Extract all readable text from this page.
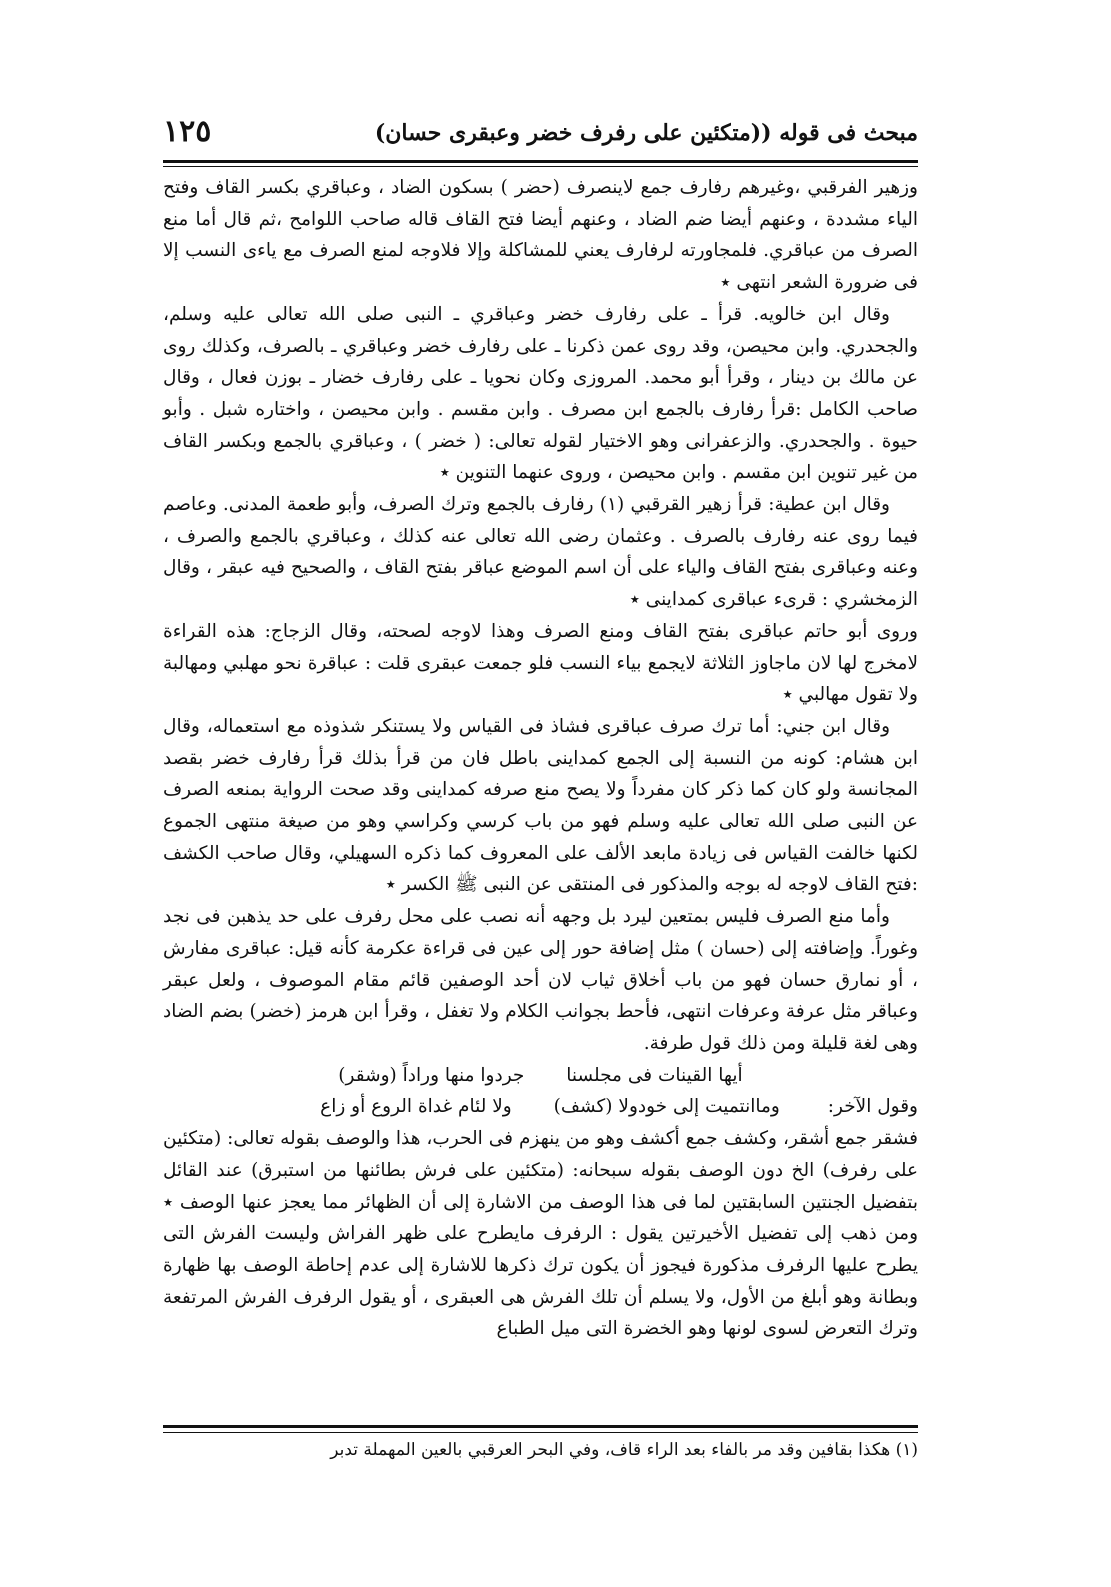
مبحث فى قوله ((متكئين على رفرف خضر وعبقرى حسان)
١٢٥

وزهير الفرقبي ،وغيرهم رفارف جمع لاينصرف (حضر ) بسكون الضاد ، وعباقري بكسر القاف وفتح الياء مشددة ، وعنهم أيضا ضم الضاد ، وعنهم أيضا فتح القاف قاله صاحب اللوامح ،ثم قال أما منع الصرف من عباقري. فلمجاورته لرفارف يعني للمشاكلة وإلا فلاوجه لمنع الصرف مع ياءى النسب إلا فى ضرورة الشعر انتهى ٭

وقال ابن خالويه. قرأ ـ على رفارف خضر وعباقري ـ النبى صلى الله تعالى عليه وسلم، والجحدري. وابن محيصن، وقد روى عمن ذكرنا ـ على رفارف خضر وعباقري ـ بالصرف، وكذلك روى عن مالك بن دينار ، وقرأ أبو محمد. المروزى وكان نحويا ـ على رفارف خضار ـ بوزن فعال ، وقال صاحب الكامل :قرأ رفارف بالجمع ابن مصرف . وابن مقسم . وابن محيصن ، واختاره شبل . وأبو حيوة . والجحدري. والزعفرانى وهو الاختيار لقوله تعالى: ( خضر ) ، وعباقري بالجمع وبكسر القاف من غير تنوين ابن مقسم . وابن محيصن ، وروى عنهما التنوين ٭

وقال ابن عطية: قرأ زهير القرقبي (١) رفارف بالجمع وترك الصرف، وأبو طعمة المدنى. وعاصم فيما روى عنه رفارف بالصرف . وعثمان رضى الله تعالى عنه كذلك ، وعباقري بالجمع والصرف ، وعنه وعباقرى بفتح القاف والياء على أن اسم الموضع عباقر بفتح القاف ، والصحيح فيه عبقر ، وقال الزمخشري : قرىء عباقرى كمداينى ٭

وروى أبو حاتم عباقرى بفتح القاف ومنع الصرف وهذا لاوجه لصحته، وقال الزجاج: هذه القراءة لامخرج لها لان ماجاوز الثلاثة لايجمع بياء النسب فلو جمعت عبقرى قلت : عباقرة نحو مهلبي ومهالبة ولا تقول مهالبي ٭

وقال ابن جني: أما ترك صرف عباقرى فشاذ فى القياس ولا يستنكر شذوذه مع استعماله، وقال ابن هشام: كونه من النسبة إلى الجمع كمداينى باطل فان من قرأ بذلك قرأ رفارف خضر بقصد المجانسة ولو كان كما ذكر كان مفرداً ولا يصح منع صرفه كمداينى وقد صحت الرواية بمنعه الصرف عن النبى صلى الله تعالى عليه وسلم فهو من باب كرسي وكراسي وهو من صيغة منتهى الجموع لكنها خالفت القياس فى زيادة مابعد الألف على المعروف كما ذكره السهيلي، وقال صاحب الكشف :فتح القاف لاوجه له بوجه والمذكور فى المنتقى عن النبى ﷺ الكسر ٭

وأما منع الصرف فليس بمتعين ليرد بل وجهه أنه نصب على محل رفرف على حد يذهبن فى نجد وغوراً. وإضافته إلى (حسان ) مثل إضافة حور إلى عين فى قراءة عكرمة كأنه قيل: عباقرى مفارش ، أو نمارق حسان فهو من باب أخلاق ثياب لان أحد الوصفين قائم مقام الموصوف ، ولعل عبقر وعباقر مثل عرفة وعرفات انتهى، فأحط بجوانب الكلام ولا تغفل ، وقرأ ابن هرمز (خضر) بضم الضاد وهى لغة قليلة ومن ذلك قول طرفة.

أيها القينات فى مجلسنا جردوا منها وراداً (وشقر)

وقول الآخر: وماانتميت إلى خودولا (كشف) ولا لئام غداة الروع أو زاع

فشقر جمع أشقر، وكشف جمع أكشف وهو من ينهزم فى الحرب، هذا والوصف بقوله تعالى: (متكئين على رفرف) الخ دون الوصف بقوله سبحانه: (متكئين على فرش بطائنها من استبرق) عند القائل بتفضيل الجنتين السابقتين لما فى هذا الوصف من الاشارة إلى أن الظهائر مما يعجز عنها الوصف ٭ ومن ذهب إلى تفضيل الأخيرتين يقول : الرفرف مايطرح على ظهر الفراش وليست الفرش التى يطرح عليها الرفرف مذكورة فيجوز أن يكون ترك ذكرها للاشارة إلى عدم إحاطة الوصف بها ظهارة وبطانة وهو أبلغ من الأول، ولا يسلم أن تلك الفرش هى العبقرى ، أو يقول الرفرف الفرش المرتفعة وترك التعرض لسوى لونها وهو الخضرة التى ميل الطباع

(١) هكذا بقافين وقد مر بالفاء بعد الراء قاف، وفي البحر العرقبي بالعين المهملة تدبر
